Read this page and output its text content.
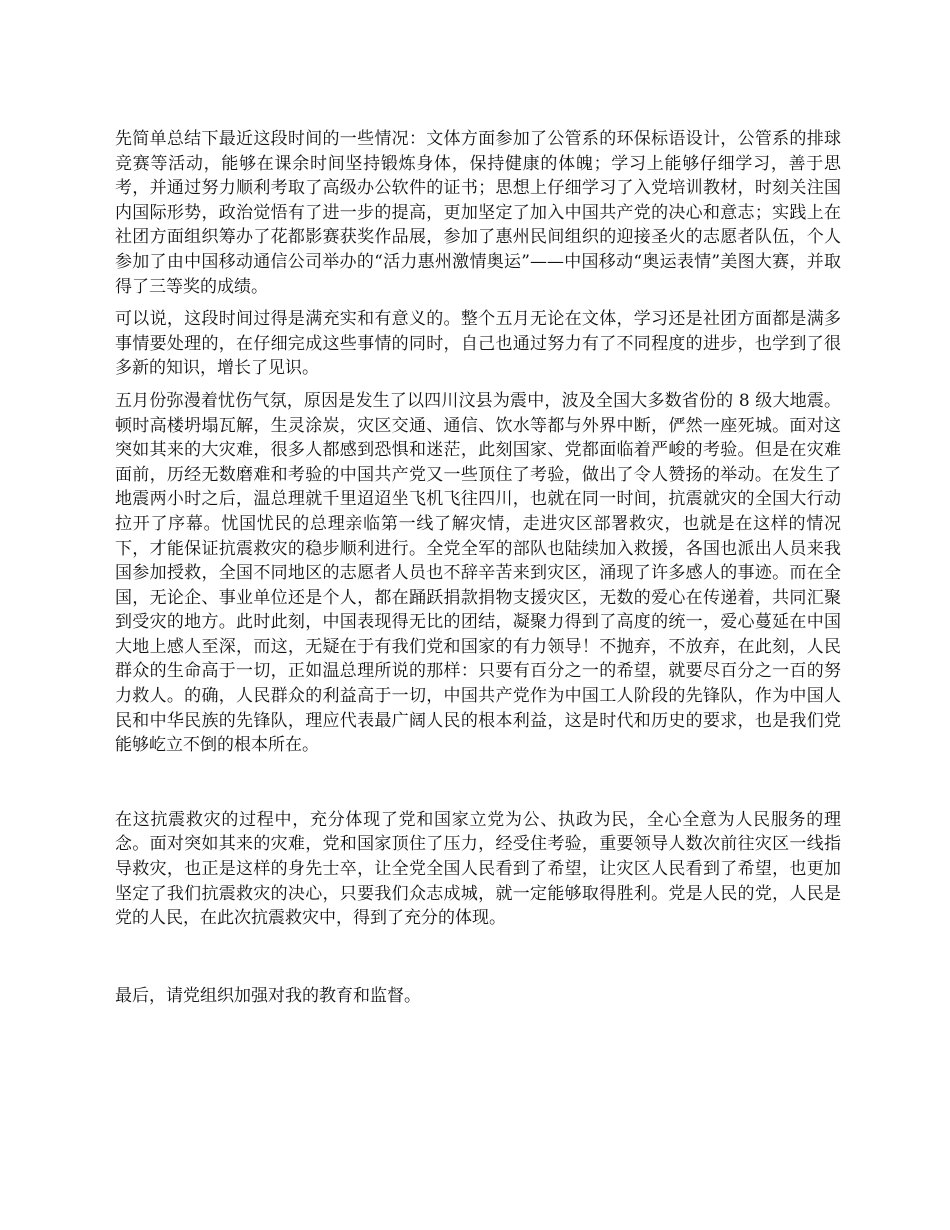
先简单总结下最近这段时间的一些情况：文体方面参加了公管系的环保标语设计，公管系的排球竞赛等活动，能够在课余时间坚持锻炼身体，保持健康的体魄；学习上能够仔细学习，善于思考，并通过努力顺利考取了高级办公软件的证书；思想上仔细学习了入党培训教材，时刻关注国内国际形势，政治觉悟有了进一步的提高，更加坚定了加入中国共产党的决心和意志；实践上在社团方面组织筹办了花都影赛获奖作品展，参加了惠州民间组织的迎接圣火的志愿者队伍，个人参加了由中国移动通信公司举办的“活力惠州激情奥运”——中国移动“奥运表情”美图大赛，并取得了三等奖的成绩。

可以说，这段时间过得是满充实和有意义的。整个五月无论在文体，学习还是社团方面都是满多事情要处理的，在仔细完成这些事情的同时，自己也通过努力有了不同程度的进步，也学到了很多新的知识，增长了见识。

五月份弥漫着忧伤气氛，原因是发生了以四川汶县为震中，波及全国大多数省份的 8 级大地震。顿时高楼坍塌瓦解，生灵涂炭，灾区交通、通信、饮水等都与外界中断，俨然一座死城。面对这突如其来的大灾难，很多人都感到恐惧和迷茫，此刻国家、党都面临着严峻的考验。但是在灾难面前，历经无数磨难和考验的中国共产党又一些顶住了考验，做出了令人赞扬的举动。在发生了地震两小时之后，温总理就千里迢迢坐飞机飞往四川，也就在同一时间，抗震就灾的全国大行动拉开了序幕。忧国忧民的总理亲临第一线了解灾情，走进灾区部署救灾，也就是在这样的情况下，才能保证抗震救灾的稳步顺利进行。全党全军的部队也陆续加入救援，各国也派出人员来我国参加授救，全国不同地区的志愿者人员也不辞辛苦来到灾区，涌现了许多感人的事迹。而在全国，无论企、事业单位还是个人，都在踊跃捐款捐物支援灾区，无数的爱心在传递着，共同汇聚到受灾的地方。此时此刻，中国表现得无比的团结，凝聚力得到了高度的统一，爱心蔓延在中国大地上感人至深，而这，无疑在于有我们党和国家的有力领导！不抛弃，不放弃，在此刻，人民群众的生命高于一切，正如温总理所说的那样：只要有百分之一的希望，就要尽百分之一百的努力救人。的确，人民群众的利益高于一切，中国共产党作为中国工人阶段的先锋队，作为中国人民和中华民族的先锋队，理应代表最广阔人民的根本利益，这是时代和历史的要求，也是我们党能够屹立不倒的根本所在。

在这抗震救灾的过程中，充分体现了党和国家立党为公、执政为民，全心全意为人民服务的理念。面对突如其来的灾难，党和国家顶住了压力，经受住考验，重要领导人数次前往灾区一线指导救灾，也正是这样的身先士卒，让全党全国人民看到了希望，让灾区人民看到了希望，也更加坚定了我们抗震救灾的决心，只要我们众志成城，就一定能够取得胜利。党是人民的党，人民是党的人民，在此次抗震救灾中，得到了充分的体现。

最后，请党组织加强对我的教育和监督。
